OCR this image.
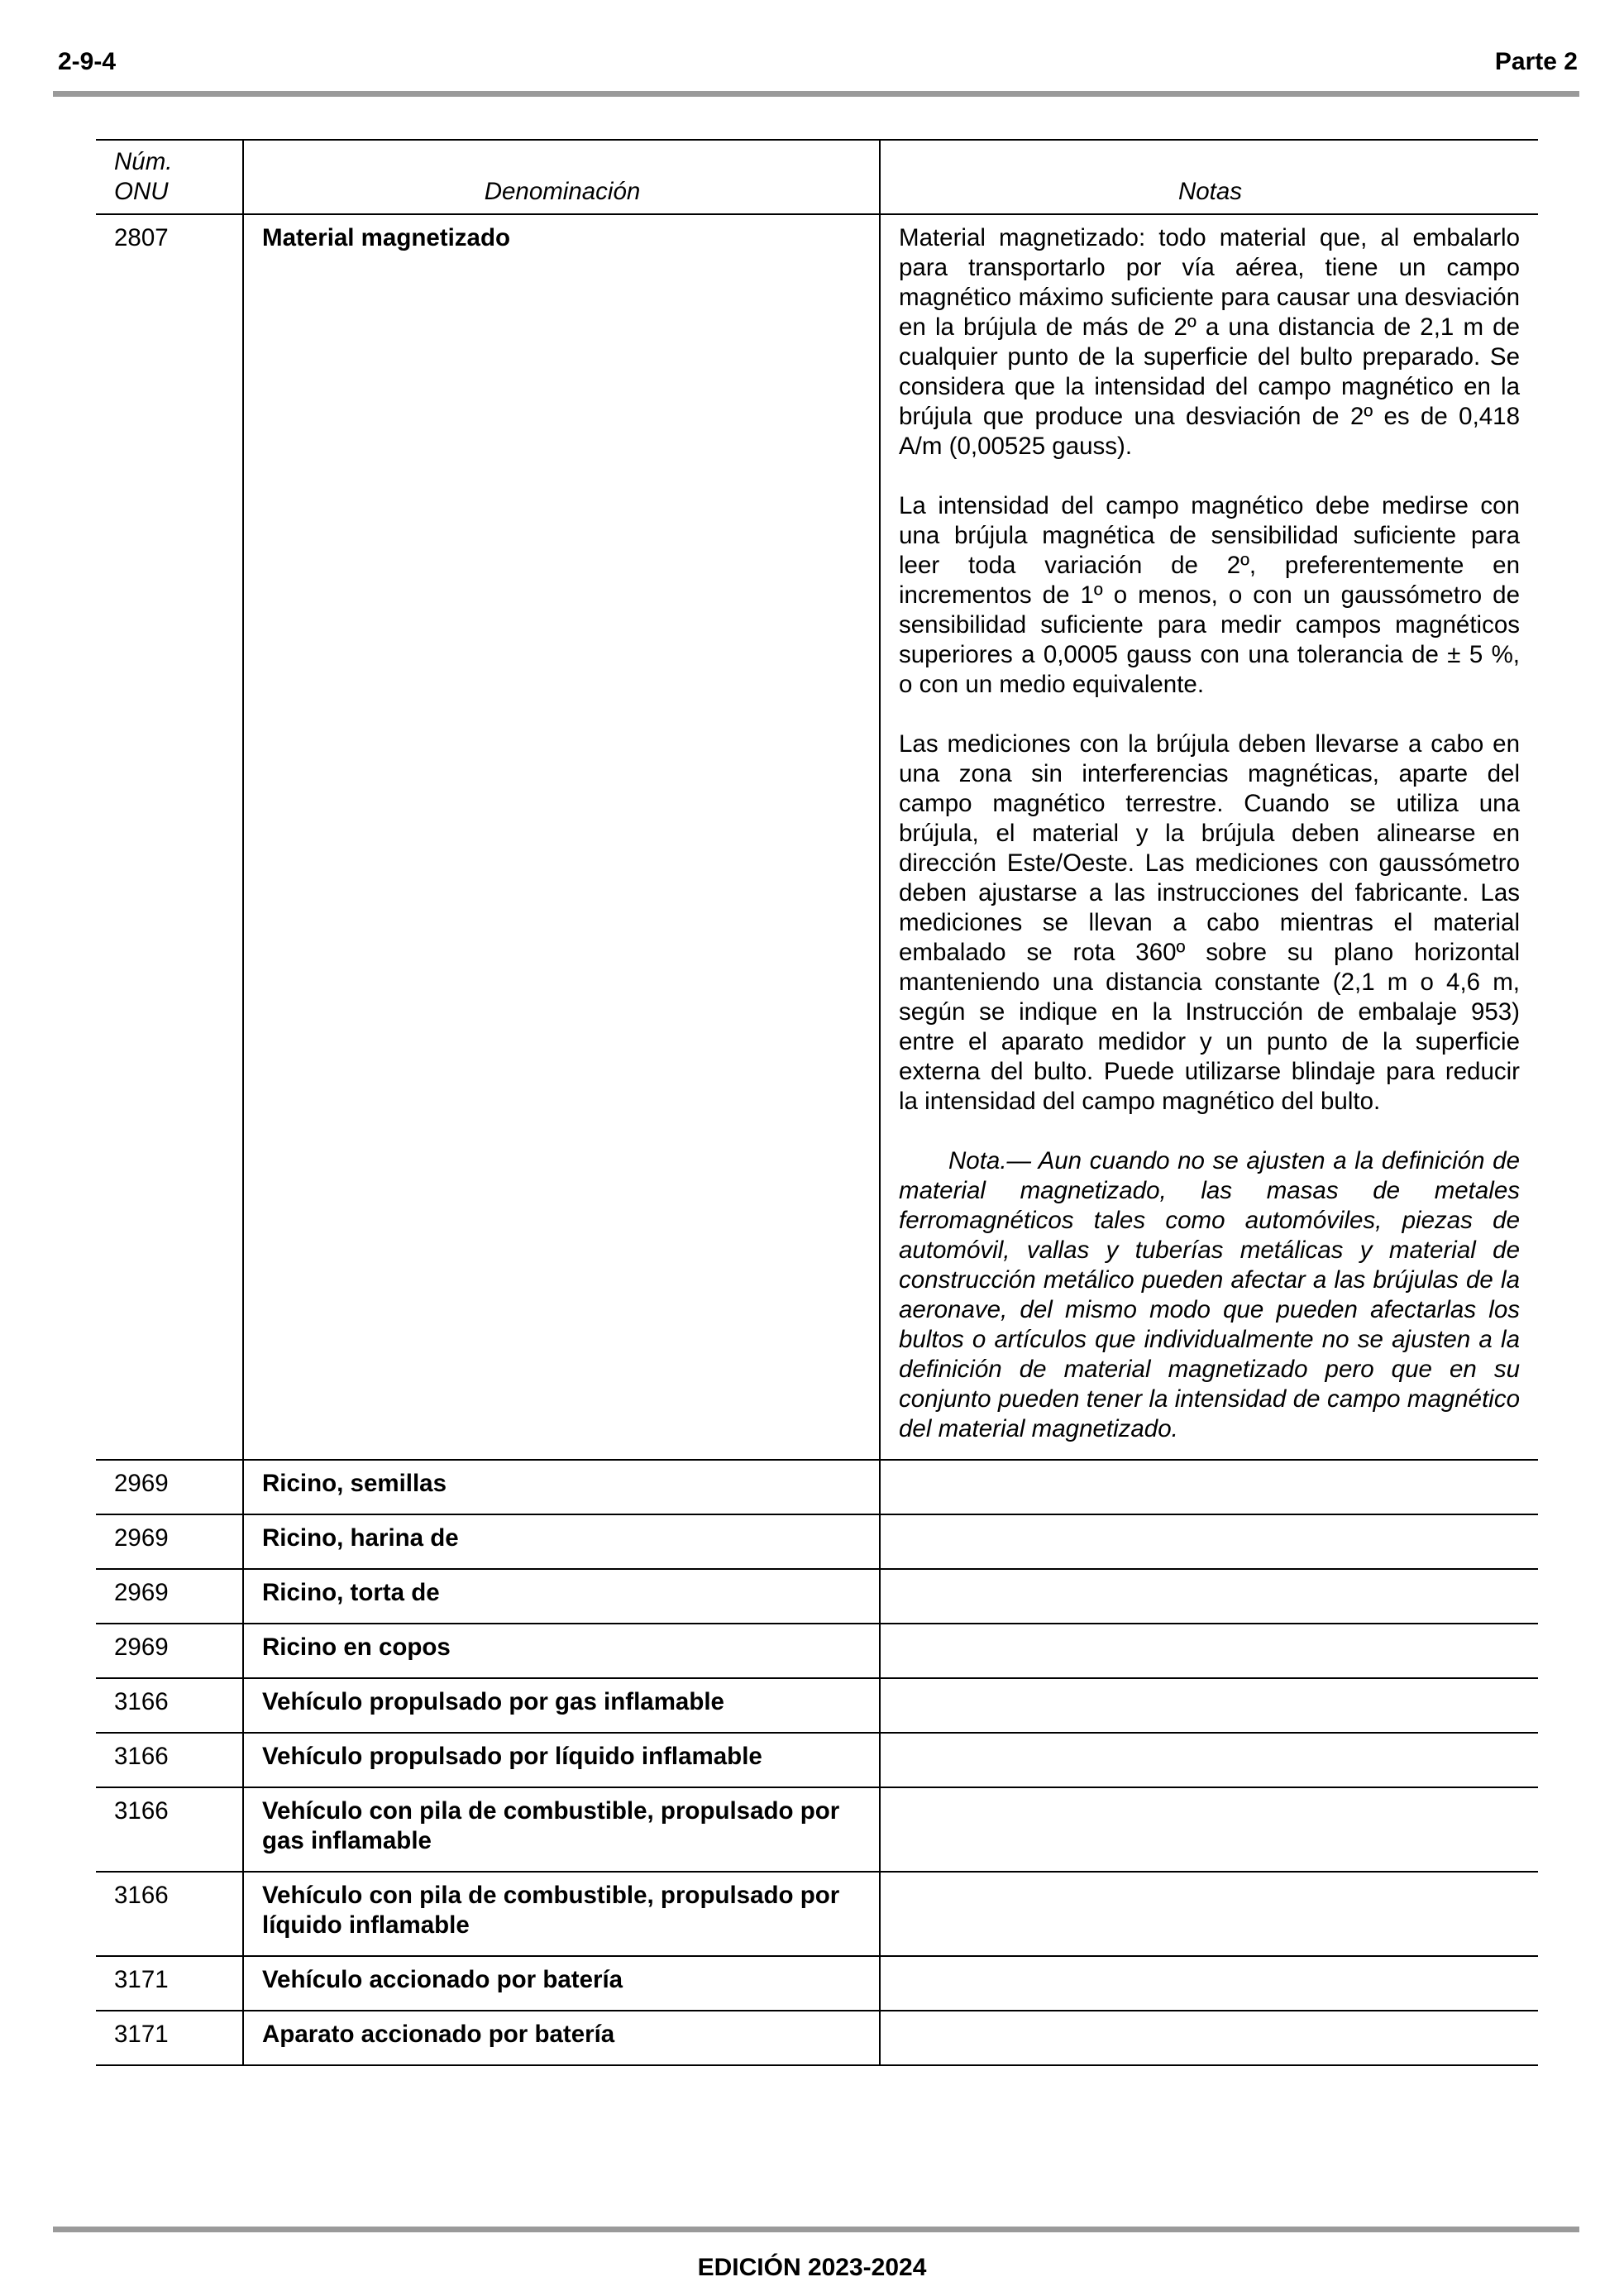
2-9-4	Parte 2
Núm.
ONU	Denominación	Notas
2807	Material magnetizado	Material magnetizado: todo material que, al embalarlo para transportarlo por vía aérea, tiene un campo magnético máximo suficiente para causar una desviación en la brújula de más de 2º a una distancia de 2,1 m de cualquier punto de la superficie del bulto preparado. Se considera que la intensidad del campo magnético en la brújula que produce una desviación de 2º es de 0,418 A/m (0,00525 gauss).

La intensidad del campo magnético debe medirse con una brújula magnética de sensibilidad suficiente para leer toda variación de 2º, preferentemente en incrementos de 1º o menos, o con un gaussómetro de sensibilidad suficiente para medir campos magnéticos superiores a 0,0005 gauss con una tolerancia de ± 5 %, o con un medio equivalente.

Las mediciones con la brújula deben llevarse a cabo en una zona sin interferencias magnéticas, aparte del campo magnético terrestre. Cuando se utiliza una brújula, el material y la brújula deben alinearse en dirección Este/Oeste. Las mediciones con gaussómetro deben ajustarse a las instrucciones del fabricante. Las mediciones se llevan a cabo mientras el material embalado se rota 360º sobre su plano horizontal manteniendo una distancia constante (2,1 m o 4,6 m, según se indique en la Instrucción de embalaje 953) entre el aparato medidor y un punto de la superficie externa del bulto. Puede utilizarse blindaje para reducir la intensidad del campo magnético del bulto.

Nota.— Aun cuando no se ajusten a la definición de material magnetizado, las masas de metales ferromagnéticos tales como automóviles, piezas de automóvil, vallas y tuberías metálicas y material de construcción metálico pueden afectar a las brújulas de la aeronave, del mismo modo que pueden afectarlas los bultos o artículos que individualmente no se ajusten a la definición de material magnetizado pero que en su conjunto pueden tener la intensidad de campo magnético del material magnetizado.

2969	Ricino, semillas	
2969	Ricino, harina de	
2969	Ricino, torta de	
2969	Ricino en copos	
3166	Vehículo propulsado por gas inflamable	
3166	Vehículo propulsado por líquido inflamable	
3166	Vehículo con pila de combustible, propulsado por gas inflamable	
3166	Vehículo con pila de combustible, propulsado por líquido inflamable	
3171	Vehículo accionado por batería	
3171	Aparato accionado por batería	
EDICIÓN 2023-2024
